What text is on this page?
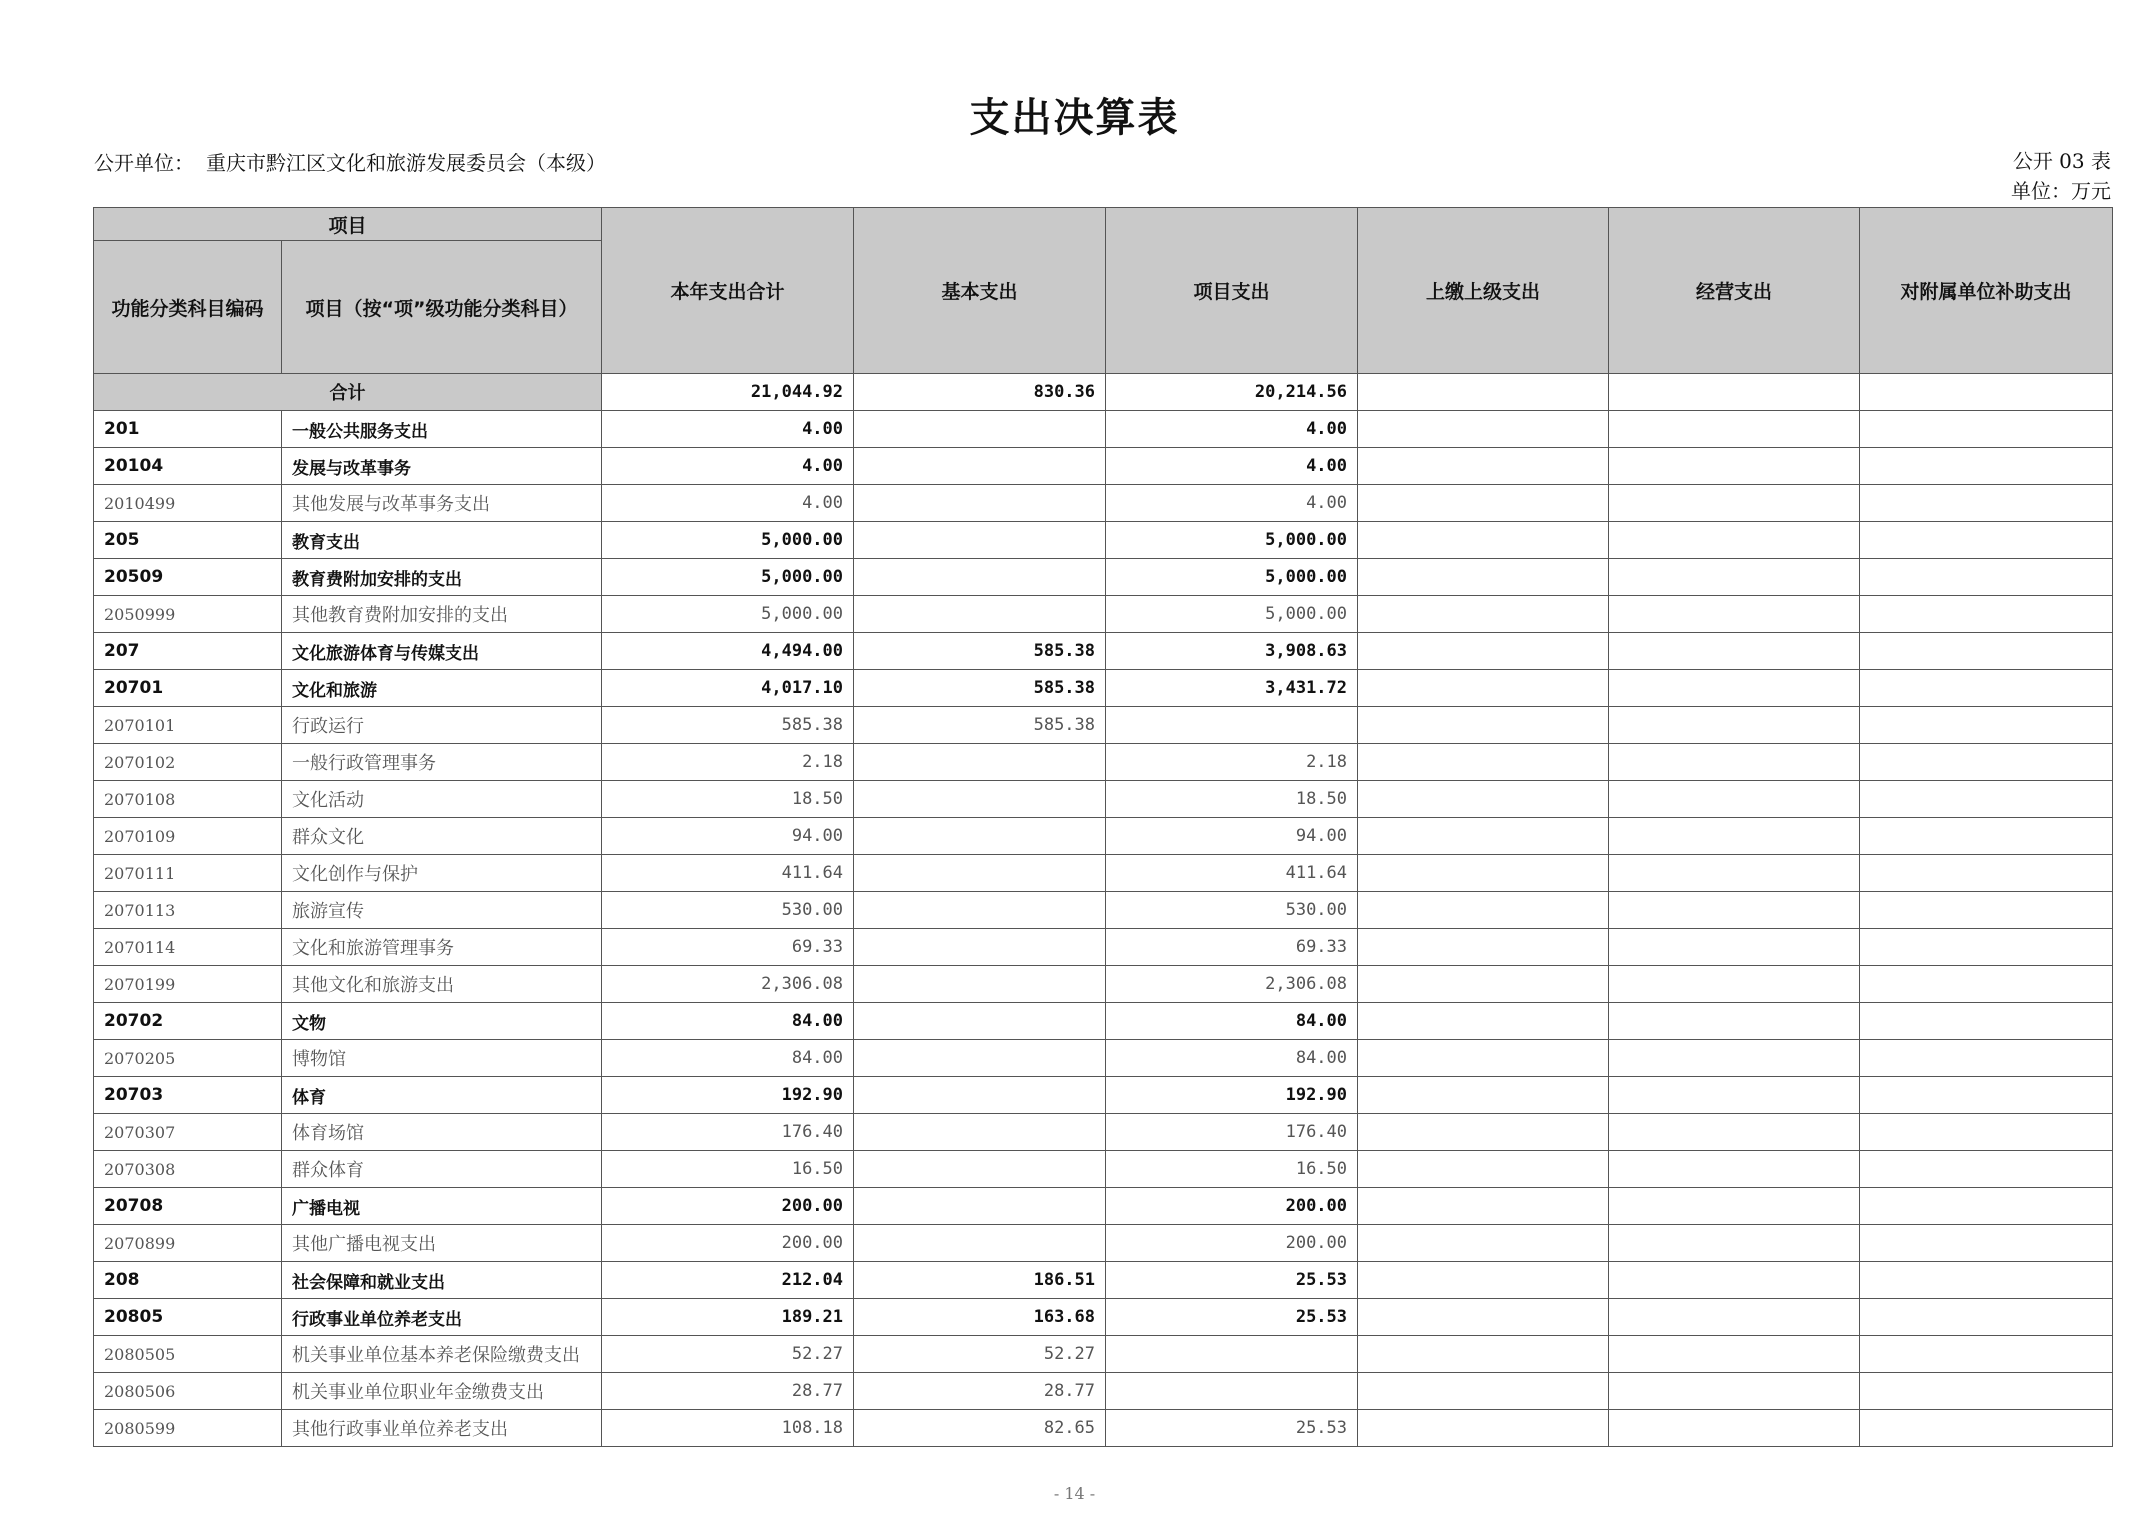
支出决算表
公开单位： 重庆市黔江区文化和旅游发展委员会（本级）	公开 03 表
单位：万元
项目		本年支出合计	基本支出	项目支出	上缴上级支出	经营支出	对附属单位补助支出
功能分类科目编码	项目（按“项”级功能分类科目）						
合计		21,044.92	830.36	20,214.56			
201	一般公共服务支出	4.00		4.00			
20104	发展与改革事务	4.00		4.00			
2010499	其他发展与改革事务支出	4.00		4.00			
205	教育支出	5,000.00		5,000.00			
20509	教育费附加安排的支出	5,000.00		5,000.00			
2050999	其他教育费附加安排的支出	5,000.00		5,000.00			
207	文化旅游体育与传媒支出	4,494.00	585.38	3,908.63			
20701	文化和旅游	4,017.10	585.38	3,431.72			
2070101	行政运行	585.38	585.38				
2070102	一般行政管理事务	2.18		2.18			
2070108	文化活动	18.50		18.50			
2070109	群众文化	94.00		94.00			
2070111	文化创作与保护	411.64		411.64			
2070113	旅游宣传	530.00		530.00			
2070114	文化和旅游管理事务	69.33		69.33			
2070199	其他文化和旅游支出	2,306.08		2,306.08			
20702	文物	84.00		84.00			
2070205	博物馆	84.00		84.00			
20703	体育	192.90		192.90			
2070307	体育场馆	176.40		176.40			
2070308	群众体育	16.50		16.50			
20708	广播电视	200.00		200.00			
2070899	其他广播电视支出	200.00		200.00			
208	社会保障和就业支出	212.04	186.51	25.53			
20805	行政事业单位养老支出	189.21	163.68	25.53			
2080505	机关事业单位基本养老保险缴费支出	52.27	52.27				
2080506	机关事业单位职业年金缴费支出	28.77	28.77				
2080599	其他行政事业单位养老支出	108.18	82.65	25.53			
- 14 -
